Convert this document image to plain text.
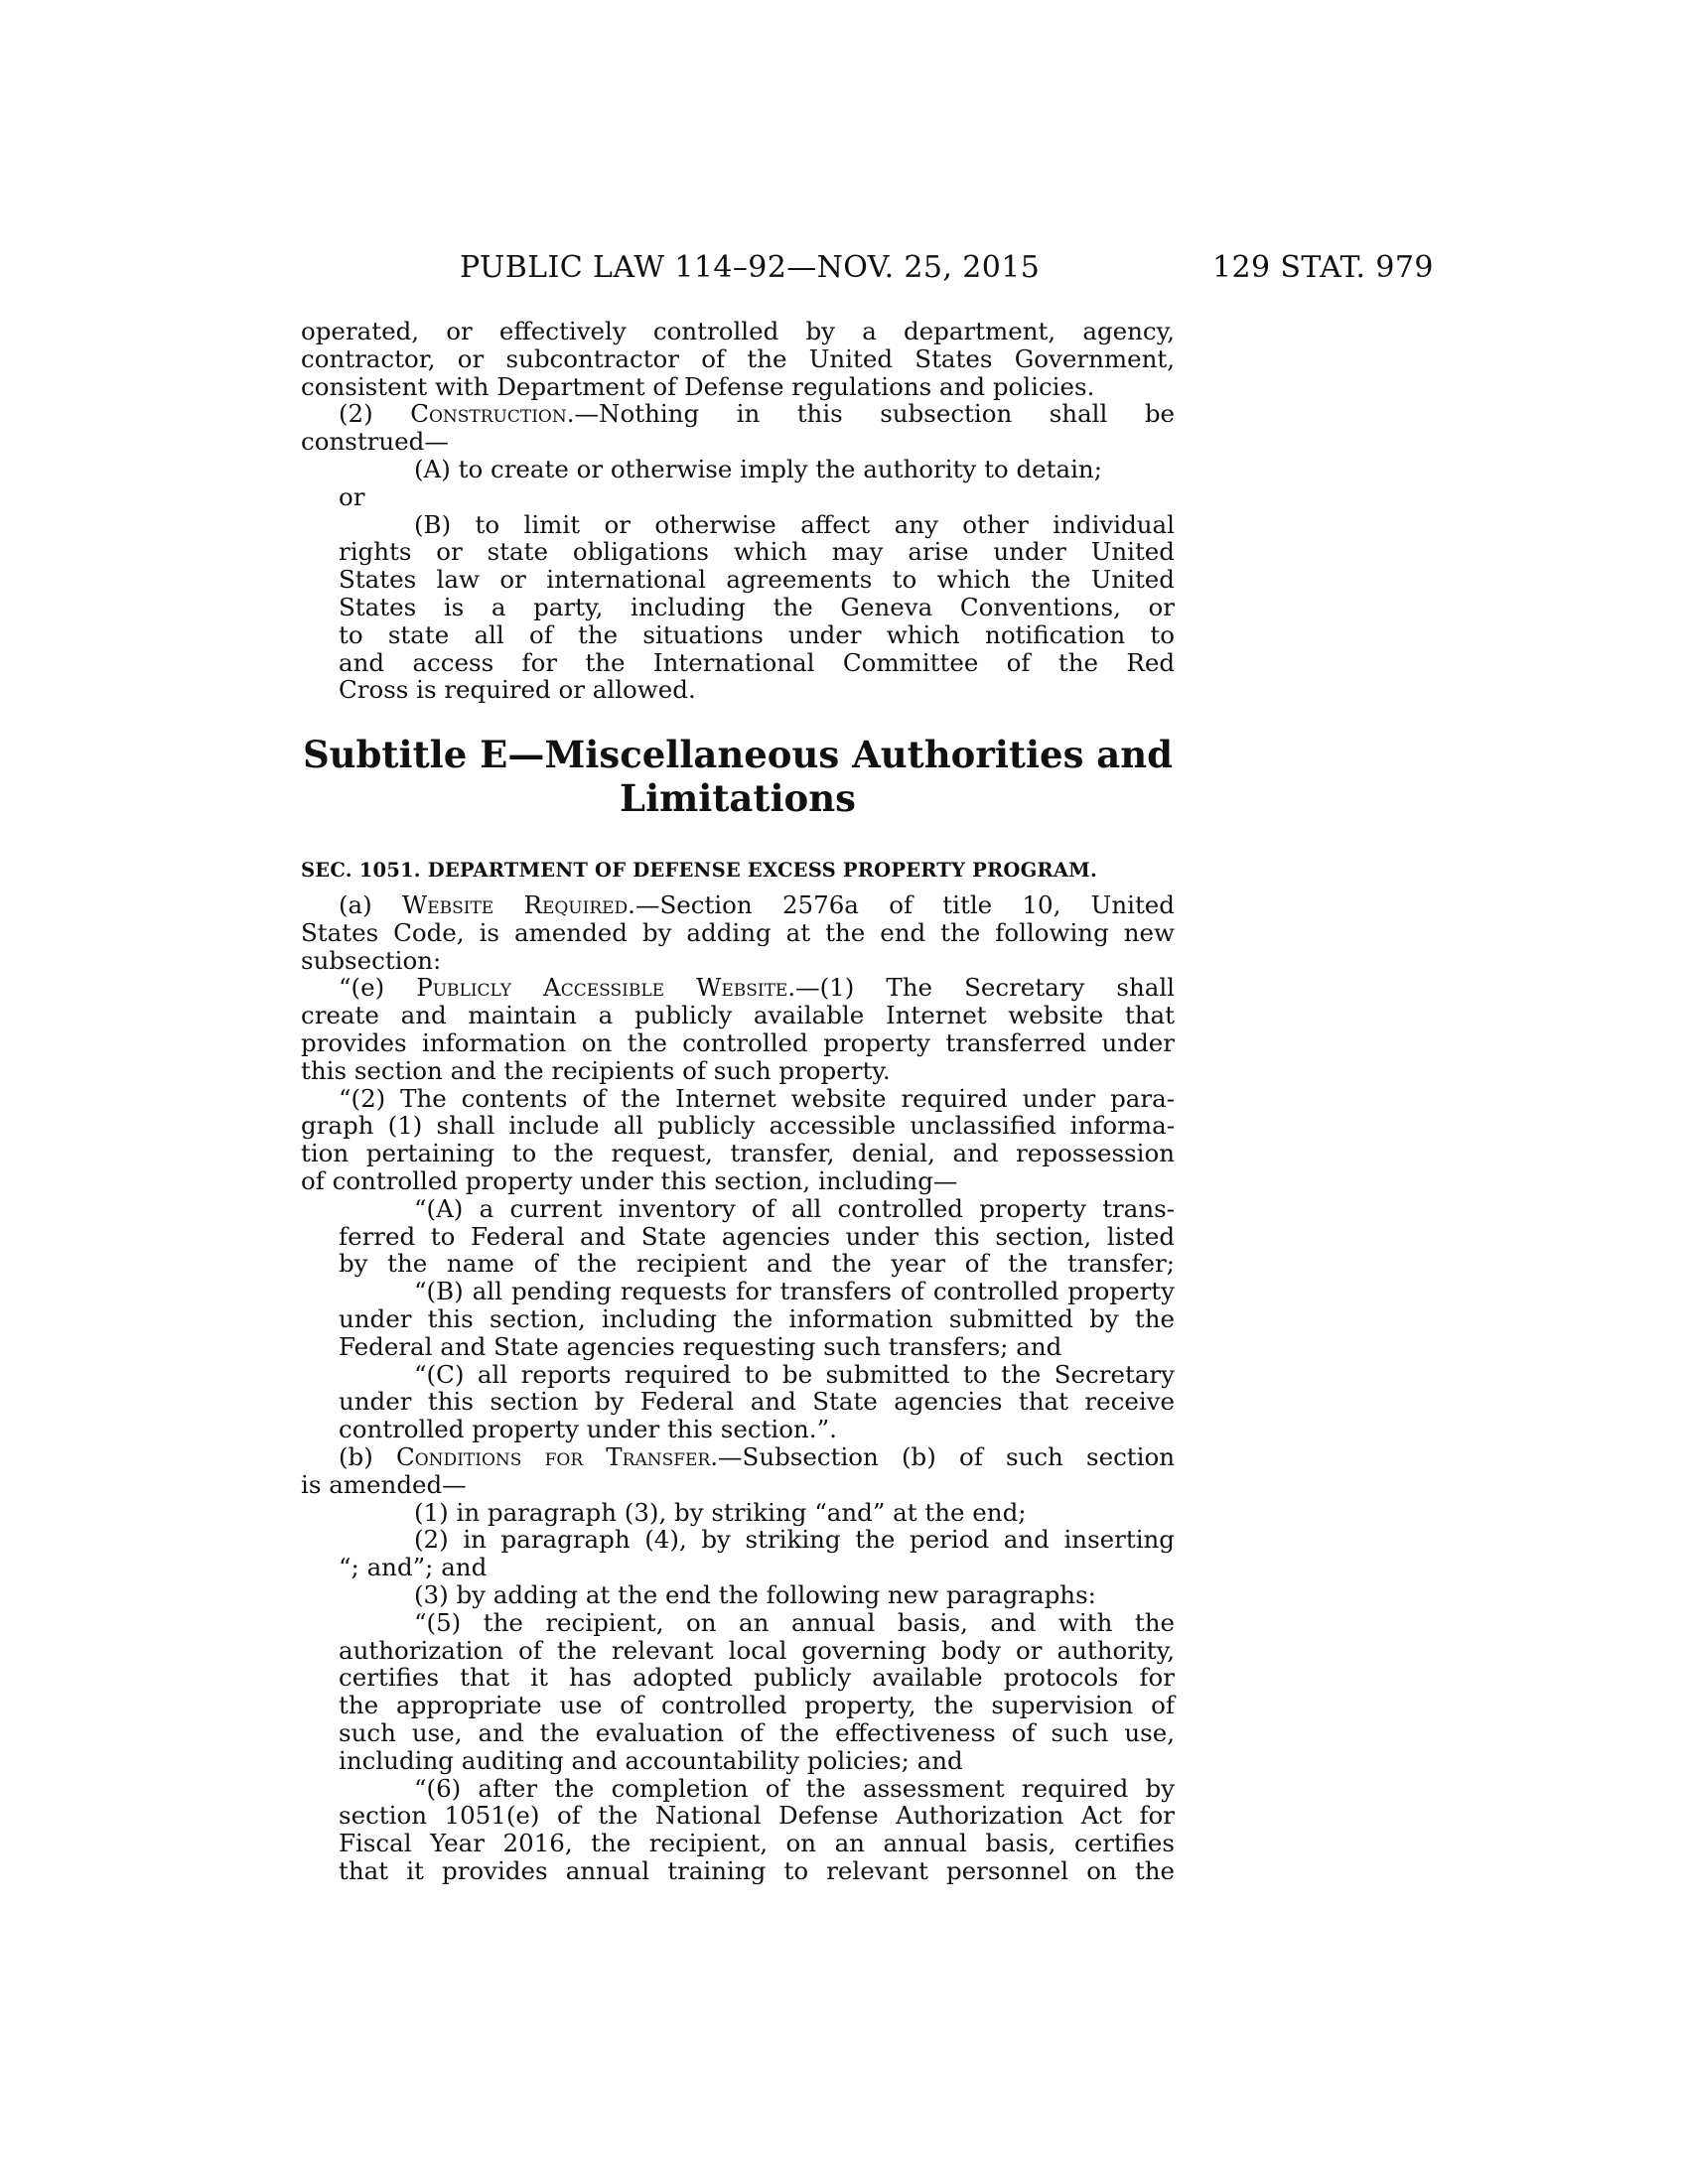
PUBLIC LAW 114–92—NOV. 25, 2015	129 STAT. 979
operated, or effectively controlled by a department, agency,
contractor, or subcontractor of the United States Government,
consistent with Department of Defense regulations and policies.
(2) Construction.—Nothing in this subsection shall be
construed—
(A) to create or otherwise imply the authority to detain;
or
(B) to limit or otherwise affect any other individual
rights or state obligations which may arise under United
States law or international agreements to which the United
States is a party, including the Geneva Conventions, or
to state all of the situations under which notification to
and access for the International Committee of the Red
Cross is required or allowed.
Subtitle E—Miscellaneous Authorities and
Limitations
SEC. 1051. DEPARTMENT OF DEFENSE EXCESS PROPERTY PROGRAM.
(a) Website Required.—Section 2576a of title 10, United
States Code, is amended by adding at the end the following new
subsection:
“(e) Publicly Accessible Website.—(1) The Secretary shall
create and maintain a publicly available Internet website that
provides information on the controlled property transferred under
this section and the recipients of such property.
“(2) The contents of the Internet website required under para-
graph (1) shall include all publicly accessible unclassified informa-
tion pertaining to the request, transfer, denial, and repossession
of controlled property under this section, including—
“(A) a current inventory of all controlled property trans-
ferred to Federal and State agencies under this section, listed
by the name of the recipient and the year of the transfer;
“(B) all pending requests for transfers of controlled property
under this section, including the information submitted by the
Federal and State agencies requesting such transfers; and
“(C) all reports required to be submitted to the Secretary
under this section by Federal and State agencies that receive
controlled property under this section.”.
(b) Conditions for Transfer.—Subsection (b) of such section
is amended—
(1) in paragraph (3), by striking “and” at the end;
(2) in paragraph (4), by striking the period and inserting
“; and”; and
(3) by adding at the end the following new paragraphs:
“(5) the recipient, on an annual basis, and with the
authorization of the relevant local governing body or authority,
certifies that it has adopted publicly available protocols for
the appropriate use of controlled property, the supervision of
such use, and the evaluation of the effectiveness of such use,
including auditing and accountability policies; and
“(6) after the completion of the assessment required by
section 1051(e) of the National Defense Authorization Act for
Fiscal Year 2016, the recipient, on an annual basis, certifies
that it provides annual training to relevant personnel on the
